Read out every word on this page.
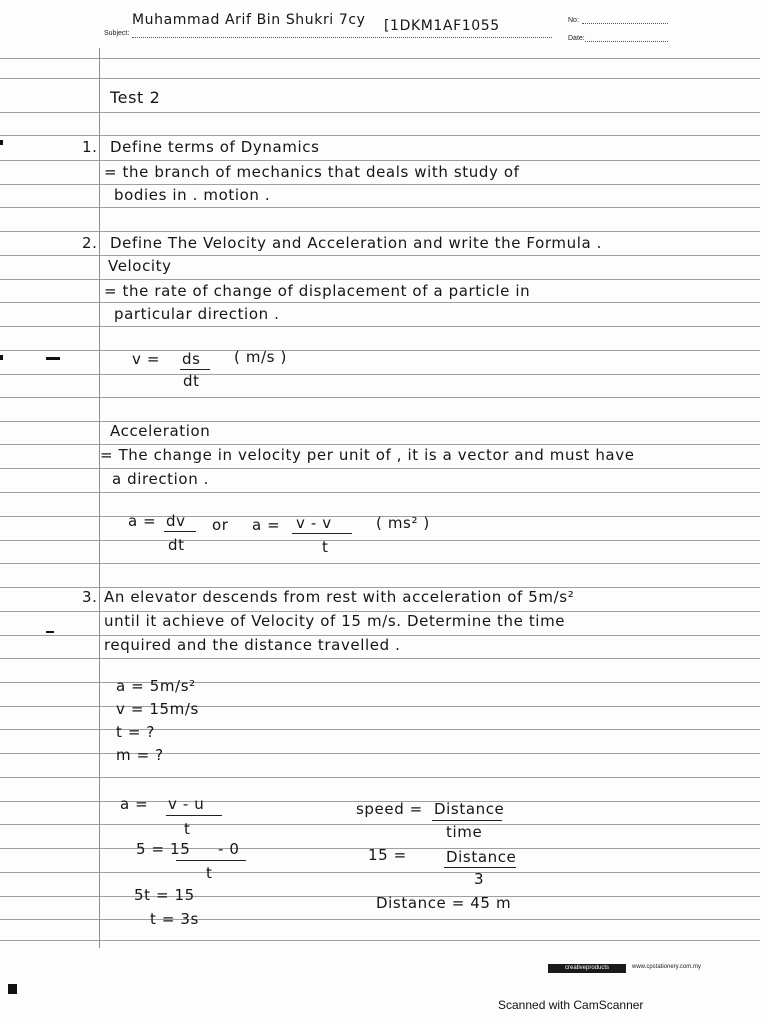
Muhammad Arif Bin Shukri 7cy [1DKM1AF1055
Subject:
No:
Date:
Test 2
1. Define terms of Dynamics
= the branch of mechanics that deals with study of
bodies in . motion .
2. Define The Velocity and Acceleration and write the Formula .
Velocity
= the rate of change of displacement of a particle in
particular direction .
v = ds
dt
( m/s )
Acceleration
= The change in velocity per unit of , it is a vector and must have
a direction .
a = dv
dt
or a = v - v
t
( ms² )
3. An elevator descends from rest with acceleration of 5m/s²
until it achieve of Velocity of 15 m/s. Determine the time
required and the distance travelled .
a = 5m/s²
v = 15m/s
t = ?
m = ?
a = v - u
t
5 = 15 - 0
t
5t = 15
t = 3s
speed = Distance
time
15 =	Distance
3
Distance = 45 m
creativeproducts	www.cpstationery.com.my
Scanned with CamScanner
